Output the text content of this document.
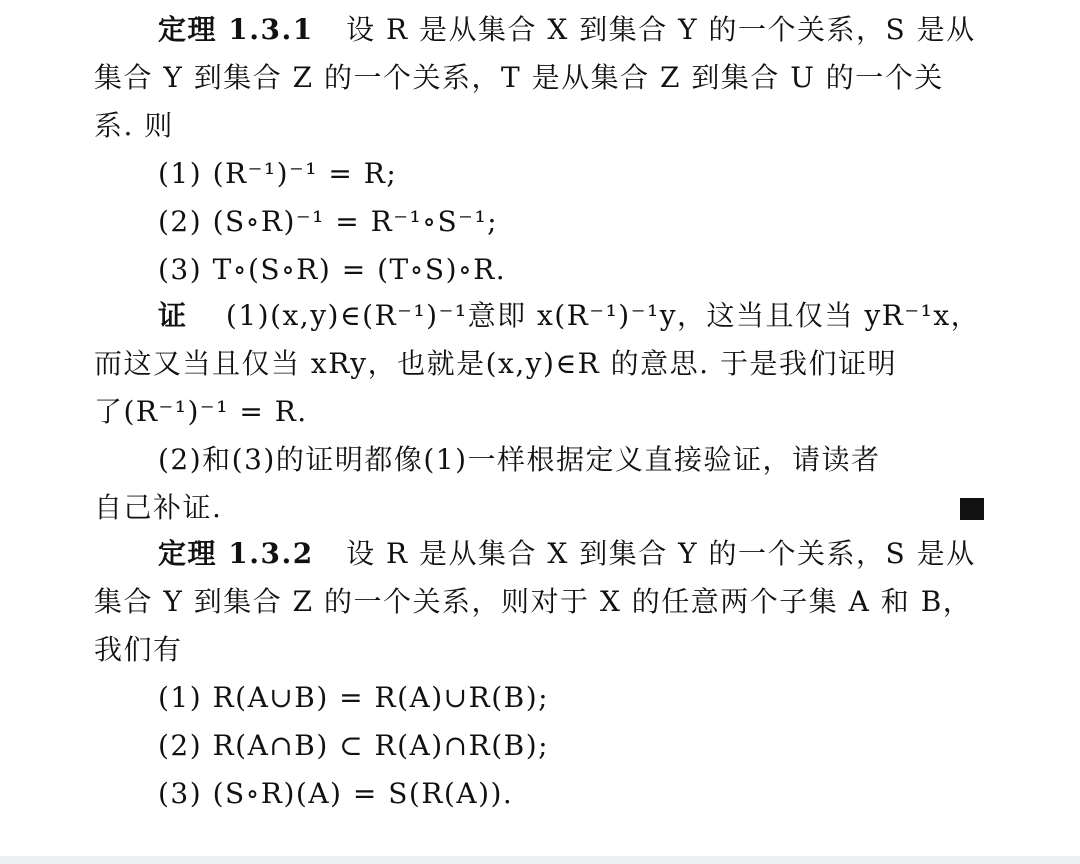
定理 1.3.1 设 R 是从集合 X 到集合 Y 的一个关系，S 是从
集合 Y 到集合 Z 的一个关系，T 是从集合 Z 到集合 U 的一个关
系. 则
(1) (R⁻¹)⁻¹ = R;
(2) (S∘R)⁻¹ = R⁻¹∘S⁻¹;
(3) T∘(S∘R) = (T∘S)∘R.
证 (1)(x,y)∈(R⁻¹)⁻¹意即 x(R⁻¹)⁻¹y，这当且仅当 yR⁻¹x，
而这又当且仅当 xRy，也就是(x,y)∈R 的意思. 于是我们证明
了(R⁻¹)⁻¹ = R.
(2)和(3)的证明都像(1)一样根据定义直接验证，请读者
自己补证.
定理 1.3.2 设 R 是从集合 X 到集合 Y 的一个关系，S 是从
集合 Y 到集合 Z 的一个关系，则对于 X 的任意两个子集 A 和 B，
我们有
(1) R(A∪B) = R(A)∪R(B);
(2) R(A∩B) ⊂ R(A)∩R(B);
(3) (S∘R)(A) = S(R(A)).
